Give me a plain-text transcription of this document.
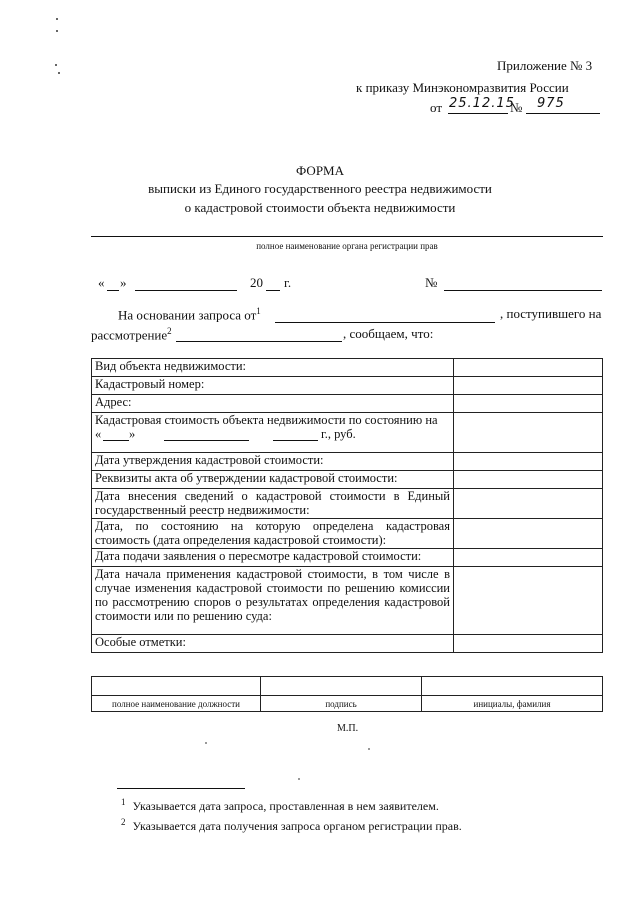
Приложение № 3
к приказу Минэкономразвития России
от 25.12.15
№ 975
ФОРМА
выписки из Единого государственного реестра недвижимости
о кадастровой стоимости объекта недвижимости
полное наименование органа регистрации прав
« »	20 г.	№
На основании запроса $от^1$	, поступившего на
рассмотрение$^2$	, сообщаем, что:
Вид объекта недвижимости:	
Кадастровый номер:	
Адрес:	

Кадастровая стоимость объекта недвижимости по состоянию на
« » г., руб.	

Дата утверждения кадастровой стоимости:	
Реквизиты акта об утверждении кадастровой стоимости:	
Дата внесения сведений о кадастровой стоимости в Единый государственный реестр недвижимости:	
Дата, по состоянию на которую определена кадастровая стоимость (дата определения кадастровой стоимости):	
Дата подачи заявления о пересмотре кадастровой стоимости:	
Дата начала применения кадастровой стоимости, в том числе в случае изменения кадастровой стоимости по решению комиссии по рассмотрению споров о результатах определения кадастровой стоимости или по решению суда:	
Особые отметки:	

полное наименование должности	подпись	инициалы, фамилия
М.П.
$^1$ Указывается дата запроса, проставленная в нем заявителем.
$^2$ Указывается дата получения запроса органом регистрации прав.
